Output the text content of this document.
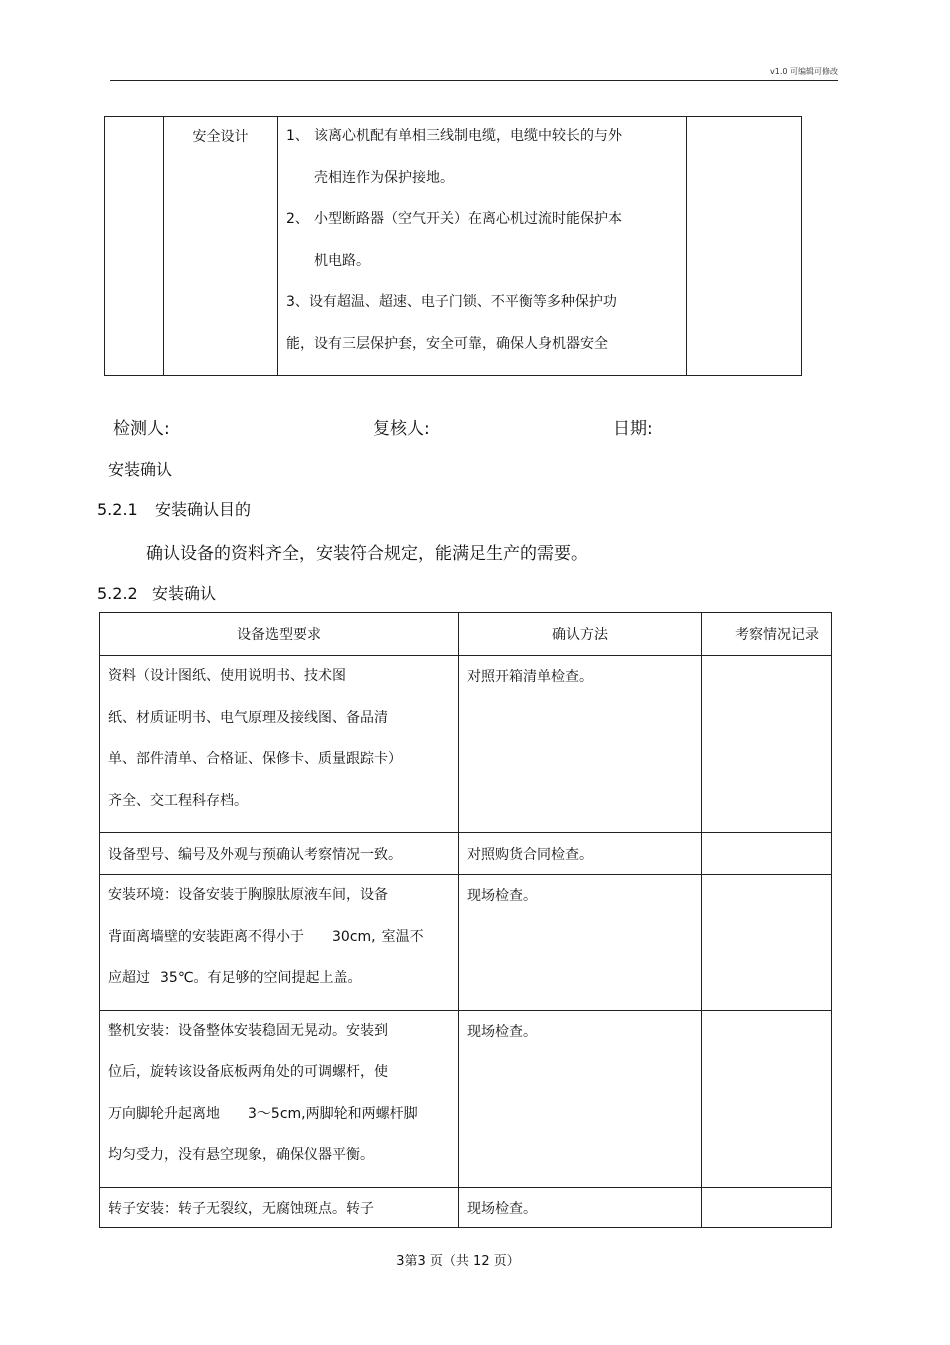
v1.0 可编辑可修改
	安全设计	1、 该离心机配有单相三线制电缆，电缆中较长的与外
壳相连作为保护接地。
2、 小型断路器（空气开关）在离心机过流时能保护本
机电路。
3、设有超温、超速、电子门锁、不平衡等多种保护功
能，设有三层保护套，安全可靠，确保人身机器安全

检测人:	复核人:	日期:
安装确认
5.2.1 安装确认目的
确认设备的资料齐全，安装符合规定，能满足生产的需要。
5.2.2 安装确认
设备选型要求	确认方法	考察情况记录

资料（设计图纸、使用说明书、技术图
纸、材质证明书、电气原理及接线图、备品清
单、部件清单、合格证、保修卡、质量跟踪卡）
齐全、交工程科存档。	对照开箱清单检查。	
设备型号、编号及外观与预确认考察情况一致。	对照购货合同检查。	

安装环境：设备安装于胸腺肽原液车间，设备
背面离墙壁的安装距离不得小于 30cm, 室温不
应超过 35℃。有足够的空间提起上盖。	现场检查。	

整机安装：设备整体安装稳固无晃动。安装到
位后，旋转该设备底板两角处的可调螺杆，使
万向脚轮升起离地 3～5cm,两脚轮和两螺杆脚
均匀受力，没有悬空现象，确保仪器平衡。	现场检查。	
转子安装：转子无裂纹，无腐蚀斑点。转子	现场检查。	
3第3 页（共 12 页）
